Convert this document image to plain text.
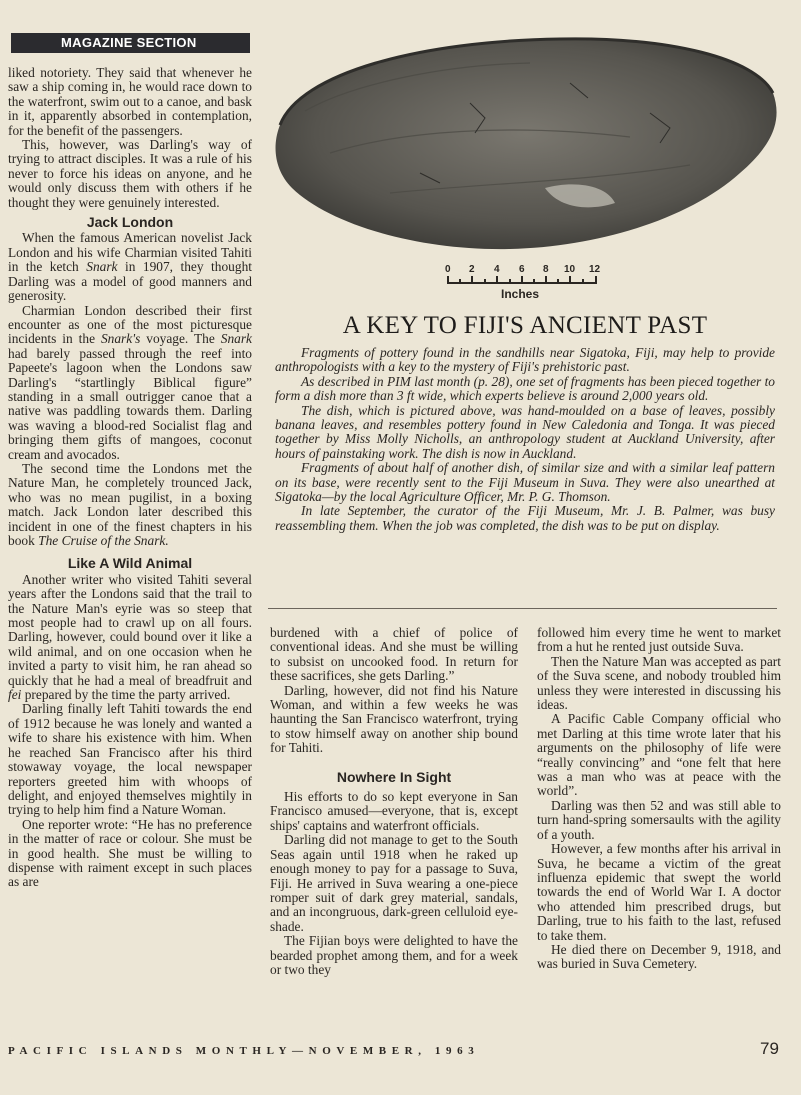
MAGAZINE SECTION

liked notoriety. They said that whenever he saw a ship coming in, he would race down to the waterfront, swim out to a canoe, and bask in it, apparently absorbed in contemplation, for the benefit of the passengers.

This, however, was Darling's way of trying to attract disciples. It was a rule of his never to force his ideas on anyone, and he would only discuss them with others if he thought they were genuinely interested.

Jack London

When the famous American novelist Jack London and his wife Charmian visited Tahiti in the ketch Snark in 1907, they thought Darling was a model of good manners and generosity.

Charmian London described their first encounter as one of the most picturesque incidents in the Snark's voyage. The Snark had barely passed through the reef into Papeete's lagoon when the Londons saw Darling's “startlingly Biblical figure” standing in a small outrigger canoe that a native was paddling towards them. Darling was waving a blood-red Socialist flag and bringing them gifts of mangoes, coconut cream and avocados.

The second time the Londons met the Nature Man, he completely trounced Jack, who was no mean pugilist, in a boxing match. Jack London later described this incident in one of the finest chapters in his book The Cruise of the Snark.

Like A Wild Animal

Another writer who visited Tahiti several years after the Londons said that the trail to the Nature Man's eyrie was so steep that most people had to crawl up on all fours. Darling, however, could bound over it like a wild animal, and on one occasion when he invited a party to visit him, he ran ahead so quickly that he had a meal of breadfruit and fei prepared by the time the party arrived.

Darling finally left Tahiti towards the end of 1912 because he was lonely and wanted a wife to share his existence with him. When he reached San Francisco after his third stowaway voyage, the local newspaper reporters greeted him with whoops of delight, and enjoyed themselves mightily in trying to help him find a Nature Woman.

One reporter wrote: “He has no preference in the matter of race or colour. She must be in good health. She must be willing to dispense with raiment except in such places as are

0 2 4 6 8 10 12
Inches
A KEY TO FIJI'S ANCIENT PAST

Fragments of pottery found in the sandhills near Sigatoka, Fiji, may help to provide anthropologists with a key to the mystery of Fiji's prehistoric past.

As described in PIM last month (p. 28), one set of fragments has been pieced together to form a dish more than 3 ft wide, which experts believe is around 2,000 years old.

The dish, which is pictured above, was hand-moulded on a base of leaves, possibly banana leaves, and resembles pottery found in New Caledonia and Tonga. It was pieced together by Miss Molly Nicholls, an anthropology student at Auckland University, after hours of painstaking work. The dish is now in Auckland.

Fragments of about half of another dish, of similar size and with a similar leaf pattern on its base, were recently sent to the Fiji Museum in Suva. They were also unearthed at Sigatoka—by the local Agriculture Officer, Mr. P. G. Thomson.

In late September, the curator of the Fiji Museum, Mr. J. B. Palmer, was busy reassembling them. When the job was completed, the dish was to be put on display.

burdened with a chief of police of conventional ideas. And she must be willing to subsist on uncooked food. In return for these sacrifices, she gets Darling.”

Darling, however, did not find his Nature Woman, and within a few weeks he was haunting the San Francisco waterfront, trying to stow himself away on another ship bound for Tahiti.

Nowhere In Sight

His efforts to do so kept everyone in San Francisco amused—everyone, that is, except ships' captains and waterfront officials.

Darling did not manage to get to the South Seas again until 1918 when he raked up enough money to pay for a passage to Suva, Fiji. He arrived in Suva wearing a one-piece romper suit of dark grey material, sandals, and an incongruous, dark-green celluloid eye-shade.

The Fijian boys were delighted to have the bearded prophet among them, and for a week or two they

followed him every time he went to market from a hut he rented just outside Suva.

Then the Nature Man was accepted as part of the Suva scene, and nobody troubled him unless they were interested in discussing his ideas.

A Pacific Cable Company official who met Darling at this time wrote later that his arguments on the philosophy of life were “really convincing” and “one felt that here was a man who was at peace with the world”.

Darling was then 52 and was still able to turn hand-spring somersaults with the agility of a youth.

However, a few months after his arrival in Suva, he became a victim of the great influenza epidemic that swept the world towards the end of World War I. A doctor who attended him prescribed drugs, but Darling, true to his faith to the last, refused to take them.

He died there on December 9, 1918, and was buried in Suva Cemetery.

PACIFIC ISLANDS MONTHLY—NOVEMBER, 1963	79
